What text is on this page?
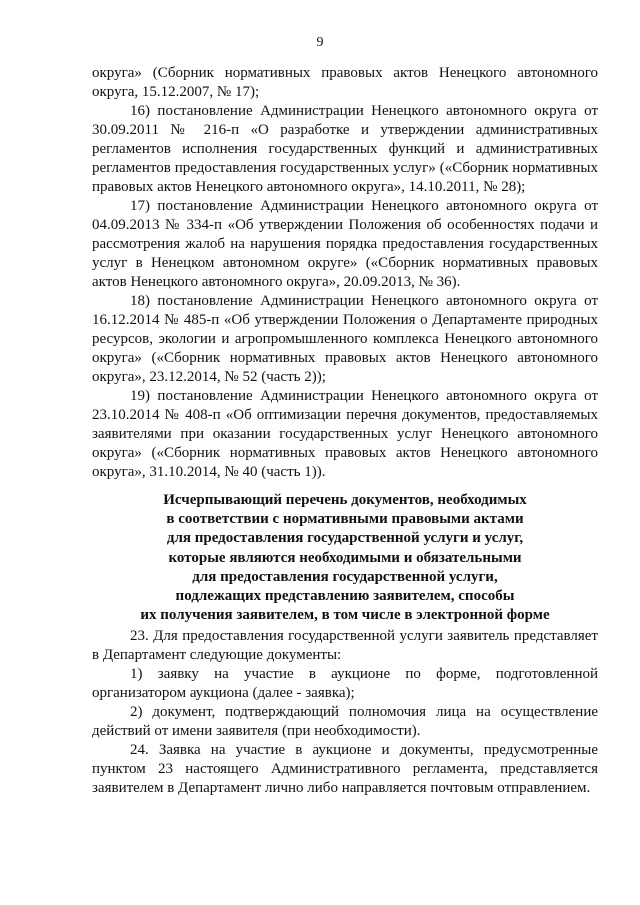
9

округа» (Сборник нормативных правовых актов Ненецкого автономного округа, 15.12.2007, № 17);

16) постановление Администрации Ненецкого автономного округа от 30.09.2011 № 216-п «О разработке и утверждении административных регламентов исполнения государственных функций и административных регламентов предоставления государственных услуг» («Сборник нормативных правовых актов Ненецкого автономного округа», 14.10.2011, № 28);

17) постановление Администрации Ненецкого автономного округа от 04.09.2013 № 334-п «Об утверждении Положения об особенностях подачи и рассмотрения жалоб на нарушения порядка предоставления государственных услуг в Ненецком автономном округе» («Сборник нормативных правовых актов Ненецкого автономного округа», 20.09.2013, № 36).

18) постановление Администрации Ненецкого автономного округа от 16.12.2014 № 485-п «Об утверждении Положения о Департаменте природных ресурсов, экологии и агропромышленного комплекса Ненецкого автономного округа» («Сборник нормативных правовых актов Ненецкого автономного округа», 23.12.2014, № 52 (часть 2));

19) постановление Администрации Ненецкого автономного округа от 23.10.2014 № 408-п «Об оптимизации перечня документов, предоставляемых заявителями при оказании государственных услуг Ненецкого автономного округа» («Сборник нормативных правовых актов Ненецкого автономного округа», 31.10.2014, № 40 (часть 1)).

Исчерпывающий перечень документов, необходимых
в соответствии с нормативными правовыми актами
для предоставления государственной услуги и услуг,
которые являются необходимыми и обязательными
для предоставления государственной услуги,
подлежащих представлению заявителем, способы
их получения заявителем, в том числе в электронной форме

23. Для предоставления государственной услуги заявитель представляет в Департамент следующие документы:

1) заявку на участие в аукционе по форме, подготовленной организатором аукциона (далее - заявка);

2) документ, подтверждающий полномочия лица на осуществление действий от имени заявителя (при необходимости).

24. Заявка на участие в аукционе и документы, предусмотренные пунктом 23 настоящего Административного регламента, представляется заявителем в Департамент лично либо направляется почтовым отправлением.
